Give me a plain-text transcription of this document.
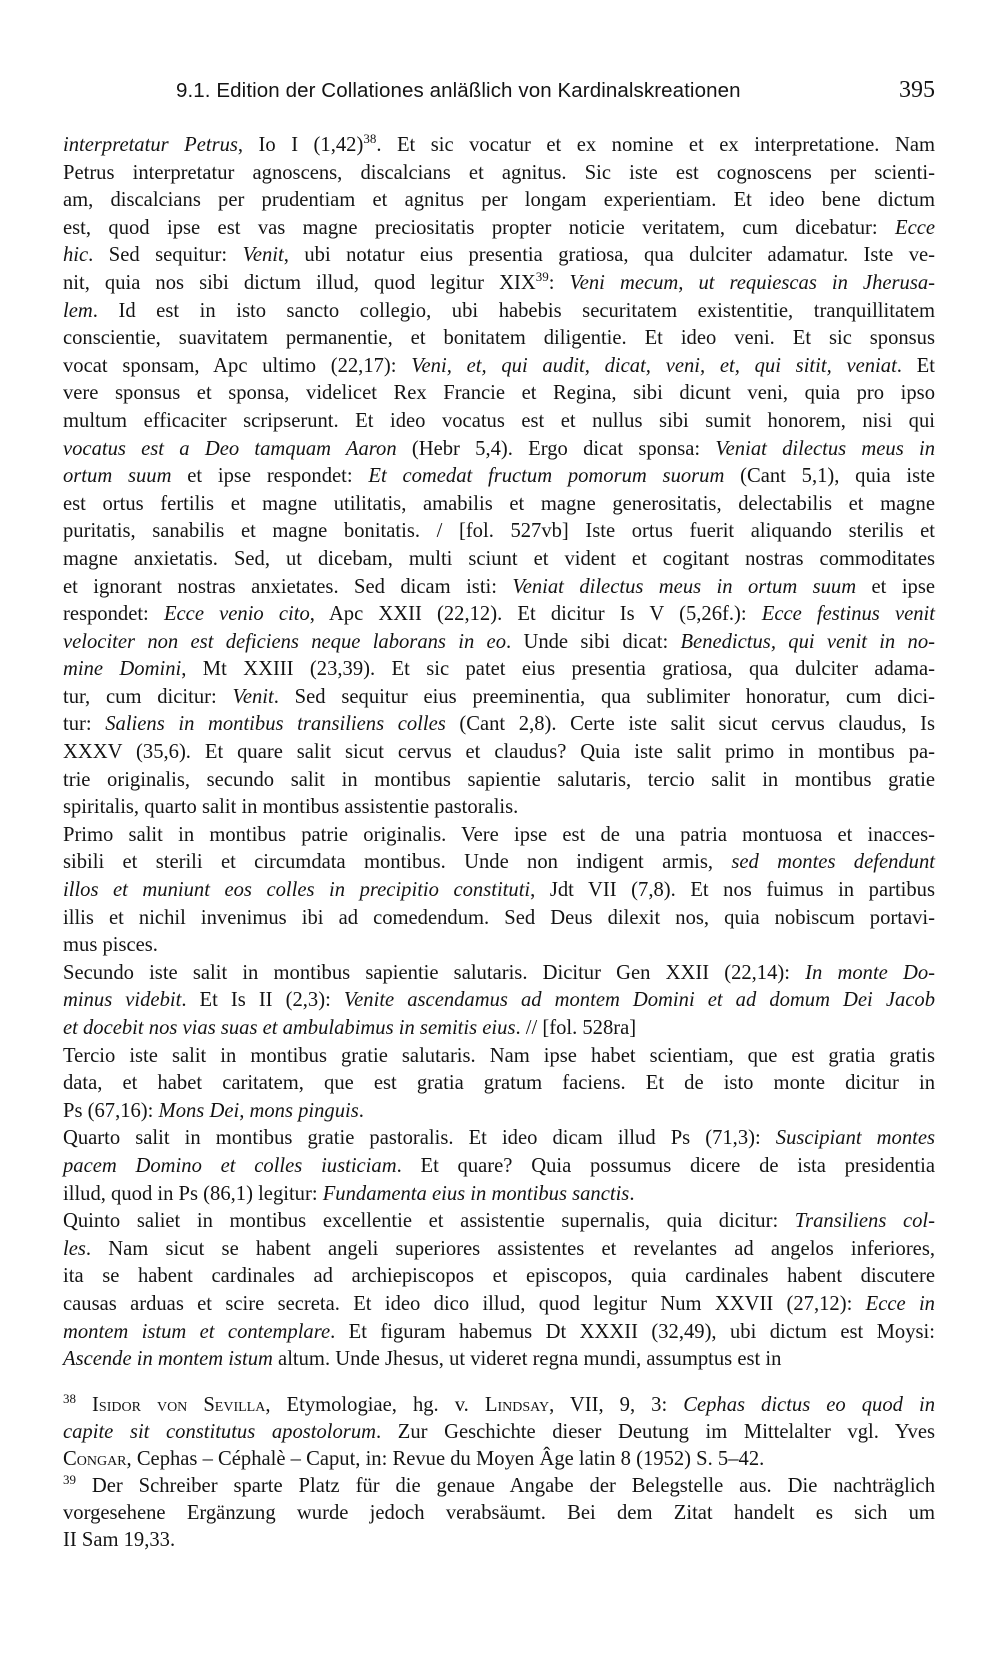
9.1. Edition der Collationes anläßlich von Kardinalskreationen	395
interpretatur Petrus, Io I $(1,42)^{38}$. Et sic vocatur et ex nomine et ex interpretatione. Nam
Petrus interpretatur agnoscens, discalcians et agnitus. Sic iste est cognoscens per scienti-
am, discalcians per prudentiam et agnitus per longam experientiam. Et ideo bene dictum
est, quod ipse est vas magne preciositatis propter noticie veritatem, cum dicebatur: Ecce
hic. Sed sequitur: Venit, ubi notatur eius presentia gratiosa, qua dulciter adamatur. Iste ve-
nit, quia nos sibi dictum illud, quod legitur XIX$^{39}$: Veni mecum, ut requiescas in Jherusa-
lem. Id est in isto sancto collegio, ubi habebis securitatem existentitie, tranquillitatem
conscientie, suavitatem permanentie, et bonitatem diligentie. Et ideo veni. Et sic sponsus
vocat sponsam, Apc ultimo (22,17): Veni, et, qui audit, dicat, veni, et, qui sitit, veniat. Et
vere sponsus et sponsa, videlicet Rex Francie et Regina, sibi dicunt veni, quia pro ipso
multum efficaciter scripserunt. Et ideo vocatus est et nullus sibi sumit honorem, nisi qui
vocatus est a Deo tamquam Aaron (Hebr 5,4). Ergo dicat sponsa: Veniat dilectus meus in
ortum suum et ipse respondet: Et comedat fructum pomorum suorum (Cant 5,1), quia iste
est ortus fertilis et magne utilitatis, amabilis et magne generositatis, delectabilis et magne
puritatis, sanabilis et magne bonitatis. / [fol. 527vb] Iste ortus fuerit aliquando sterilis et
magne anxietatis. Sed, ut dicebam, multi sciunt et vident et cogitant nostras commoditates
et ignorant nostras anxietates. Sed dicam isti: Veniat dilectus meus in ortum suum et ipse
respondet: Ecce venio cito, Apc XXII (22,12). Et dicitur Is V (5,26f.): Ecce festinus venit
velociter non est deficiens neque laborans in eo. Unde sibi dicat: Benedictus, qui venit in no-
mine Domini, Mt XXIII (23,39). Et sic patet eius presentia gratiosa, qua dulciter adama-
tur, cum dicitur: Venit. Sed sequitur eius preeminentia, qua sublimiter honoratur, cum dici-
tur: Saliens in montibus transiliens colles (Cant 2,8). Certe iste salit sicut cervus claudus, Is
XXXV (35,6). Et quare salit sicut cervus et claudus? Quia iste salit primo in montibus pa-
trie originalis, secundo salit in montibus sapientie salutaris, tercio salit in montibus gratie
spiritalis, quarto salit in montibus assistentie pastoralis.
Primo salit in montibus patrie originalis. Vere ipse est de una patria montuosa et inacces-
sibili et sterili et circumdata montibus. Unde non indigent armis, sed montes defendunt
illos et muniunt eos colles in precipitio constituti, Jdt VII (7,8). Et nos fuimus in partibus
illis et nichil invenimus ibi ad comedendum. Sed Deus dilexit nos, quia nobiscum portavi-
mus pisces.
Secundo iste salit in montibus sapientie salutaris. Dicitur Gen XXII (22,14): In monte Do-
minus videbit. Et Is II (2,3): Venite ascendamus ad montem Domini et ad domum Dei Jacob
et docebit nos vias suas et ambulabimus in semitis eius. // [fol. 528ra]
Tercio iste salit in montibus gratie salutaris. Nam ipse habet scientiam, que est gratia gratis
data, et habet caritatem, que est gratia gratum faciens. Et de isto monte dicitur in
Ps (67,16): Mons Dei, mons pinguis.
Quarto salit in montibus gratie pastoralis. Et ideo dicam illud Ps (71,3): Suscipiant montes
pacem Domino et colles iusticiam. Et quare? Quia possumus dicere de ista presidentia
illud, quod in Ps (86,1) legitur: Fundamenta eius in montibus sanctis.
Quinto saliet in montibus excellentie et assistentie supernalis, quia dicitur: Transiliens col-
les. Nam sicut se habent angeli superiores assistentes et revelantes ad angelos inferiores,
ita se habent cardinales ad archiepiscopos et episcopos, quia cardinales habent discutere
causas arduas et scire secreta. Et ideo dico illud, quod legitur Num XXVII (27,12): Ecce in
montem istum et contemplare. Et figuram habemus Dt XXXII (32,49), ubi dictum est Moysi:
Ascende in montem istum altum. Unde Jhesus, ut videret regna mundi, assumptus est in
$^{38}$ Isidor von Sevilla, Etymologiae, hg. v. Lindsay, VII, 9, 3: Cephas dictus eo quod in
capite sit constitutus apostolorum. Zur Geschichte dieser Deutung im Mittelalter vgl. Yves
Congar, Cephas – Céphalè – Caput, in: Revue du Moyen Âge latin 8 (1952) S. 5–42.
$^{39}$ Der Schreiber sparte Platz für die genaue Angabe der Belegstelle aus. Die nachträglich
vorgesehene Ergänzung wurde jedoch verabsäumt. Bei dem Zitat handelt es sich um
II Sam 19,33.
